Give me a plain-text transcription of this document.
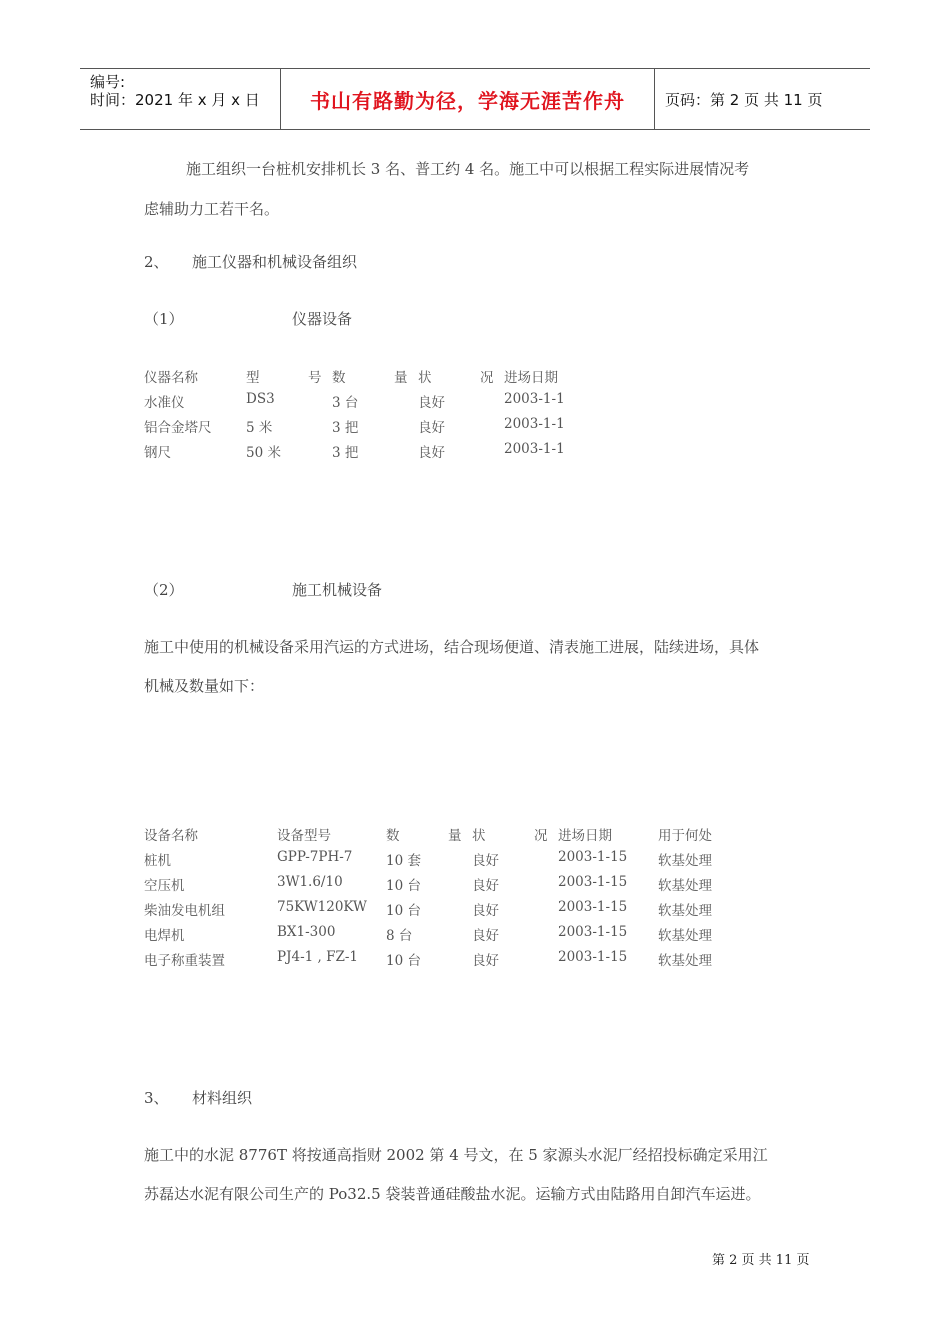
编号:
时间：2021 年 x 月 x 日	书山有路勤为径，学海无涯苦作舟	页码：第 2 页 共 11 页
施工组织一台桩机安排机长 3 名、普工约 4 名。施工中可以根据工程实际进展情况考
虑辅助力工若干名。
2、 施工仪器和机械设备组织
（1）	仪器设备
仪器名称	型	号 数	量 状	况 进场日期
水准仪	DS3	3 台	良好	2003-1-1
铝合金塔尺	5 米	3 把	良好	2003-1-1
钢尺	50 米	3 把	良好	2003-1-1
（2）	施工机械设备
施工中使用的机械设备采用汽运的方式进场，结合现场便道、清表施工进展，陆续进场，具体
机械及数量如下：
设备名称	设备型号	数	量 状	况 进场日期	用于何处
桩机	GPP-7PH-7 10 套	良好	2003-1-15 软基处理
空压机	3W1.6/10	10 台	良好	2003-1-15 软基处理
柴油发电机组	75KW120KW 10 台	良好	2003-1-15 软基处理
电焊机	BX1-300	8 台	良好	2003-1-15 软基处理
电子称重装置	PJ4-1 , FZ-1 10 台	良好	2003-1-15 软基处理
3、 材料组织
施工中的水泥 8776T 将按通高指财 2002 第 4 号文，在 5 家源头水泥厂经招投标确定采用江
苏磊达水泥有限公司生产的 Po32.5 袋装普通硅酸盐水泥。运输方式由陆路用自卸汽车运进。
第 2 页 共 11 页
